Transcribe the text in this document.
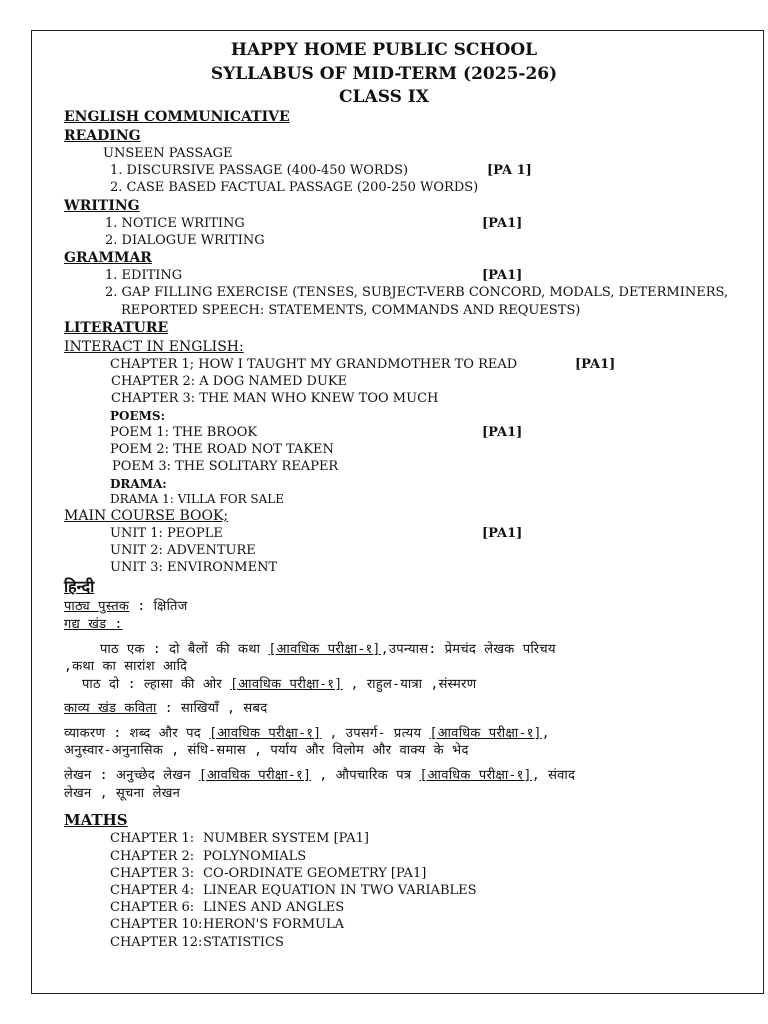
HAPPY HOME PUBLIC SCHOOL
SYLLABUS OF MID-TERM (2025-26)
CLASS IX
ENGLISH COMMUNICATIVE
READING
UNSEEN PASSAGE
1. DISCURSIVE PASSAGE (400-450 WORDS)	[PA 1]
2. CASE BASED FACTUAL PASSAGE (200-250 WORDS)
WRITING
1. NOTICE WRITING	[PA1]
2. DIALOGUE WRITING
GRAMMAR
1. EDITING	[PA1]
2. GAP FILLING EXERCISE (TENSES, SUBJECT-VERB CONCORD, MODALS, DETERMINERS,
REPORTED SPEECH: STATEMENTS, COMMANDS AND REQUESTS)
LITERATURE
INTERACT IN ENGLISH:
CHAPTER 1; HOW I TAUGHT MY GRANDMOTHER TO READ	[PA1]
CHAPTER 2: A DOG NAMED DUKE
CHAPTER 3: THE MAN WHO KNEW TOO MUCH
POEMS:
POEM 1: THE BROOK	[PA1]
POEM 2: THE ROAD NOT TAKEN
POEM 3: THE SOLITARY REAPER
DRAMA:
DRAMA 1: VILLA FOR SALE
MAIN COURSE BOOK;
UNIT 1: PEOPLE	[PA1]
UNIT 2: ADVENTURE
UNIT 3: ENVIRONMENT
हिन्दी
पाठ्य पुस्तक : क्षितिज
गद्य खंड :
पाठ एक : दो बैलों की कथा [आवधिक परीक्षा-१],उपन्यास: प्रेमचंद लेखक परिचय
,कथा का सारांश आदि
पाठ दो : ल्हासा की ओर [आवधिक परीक्षा-१] , राहुल-यात्रा ,संस्मरण
काव्य खंड कविता : साखियाँ , सबद
व्याकरण : शब्द और पद [आवधिक परीक्षा-१] , उपसर्ग- प्रत्यय [आवधिक परीक्षा-१],
अनुस्वार-अनुनासिक , संधि-समास , पर्याय और विलोम और वाक्य के भेद
लेखन : अनुच्छेद लेखन [आवधिक परीक्षा-१] , औपचारिक पत्र [आवधिक परीक्षा-१], संवाद
लेखन , सूचना लेखन
MATHS
CHAPTER 1: NUMBER SYSTEM [PA1]
CHAPTER 2: POLYNOMIALS
CHAPTER 3: CO-ORDINATE GEOMETRY [PA1]
CHAPTER 4: LINEAR EQUATION IN TWO VARIABLES
CHAPTER 6: LINES AND ANGLES
CHAPTER 10:HERON'S FORMULA
CHAPTER 12:STATISTICS
